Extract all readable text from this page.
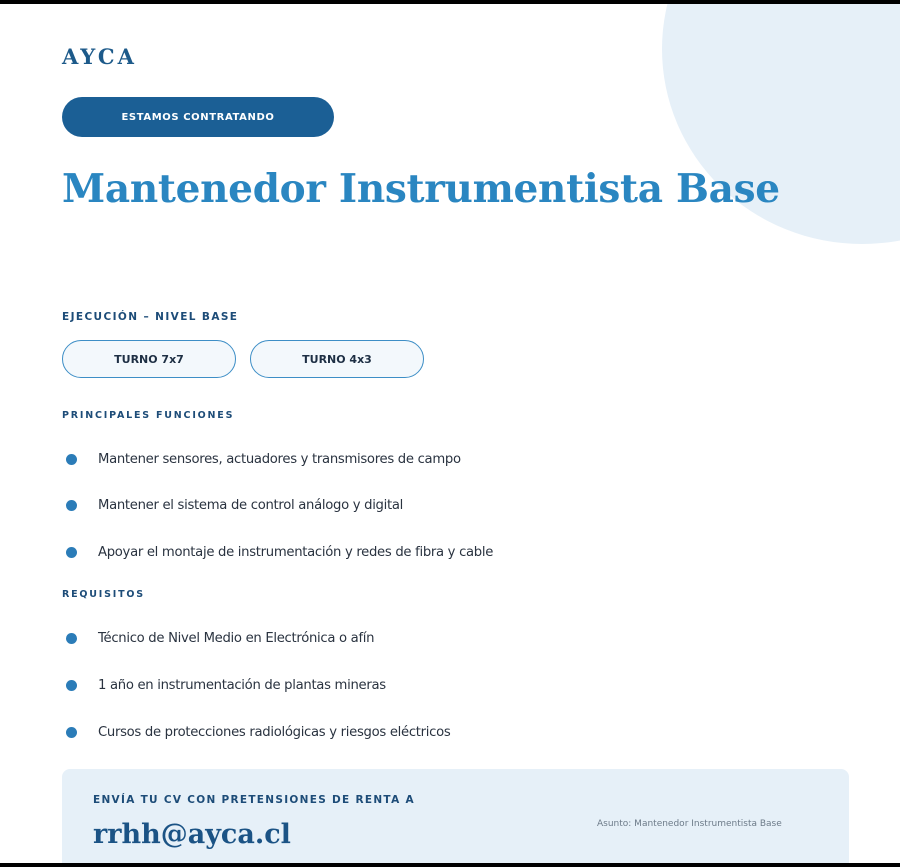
AYCA
ESTAMOS CONTRATANDO
Mantenedor Instrumentista Base
EJECUCIÓN – NIVEL BASE
TURNO 7x7	TURNO 4x3
PRINCIPALES FUNCIONES
Mantener sensores, actuadores y transmisores de campo
Mantener el sistema de control análogo y digital
Apoyar el montaje de instrumentación y redes de fibra y cable
REQUISITOS
Técnico de Nivel Medio en Electrónica o afín
1 año en instrumentación de plantas mineras
Cursos de protecciones radiológicas y riesgos eléctricos
ENVÍA TU CV CON PRETENSIONES DE RENTA A
rrhh@ayca.cl	Asunto: Mantenedor Instrumentista Base
